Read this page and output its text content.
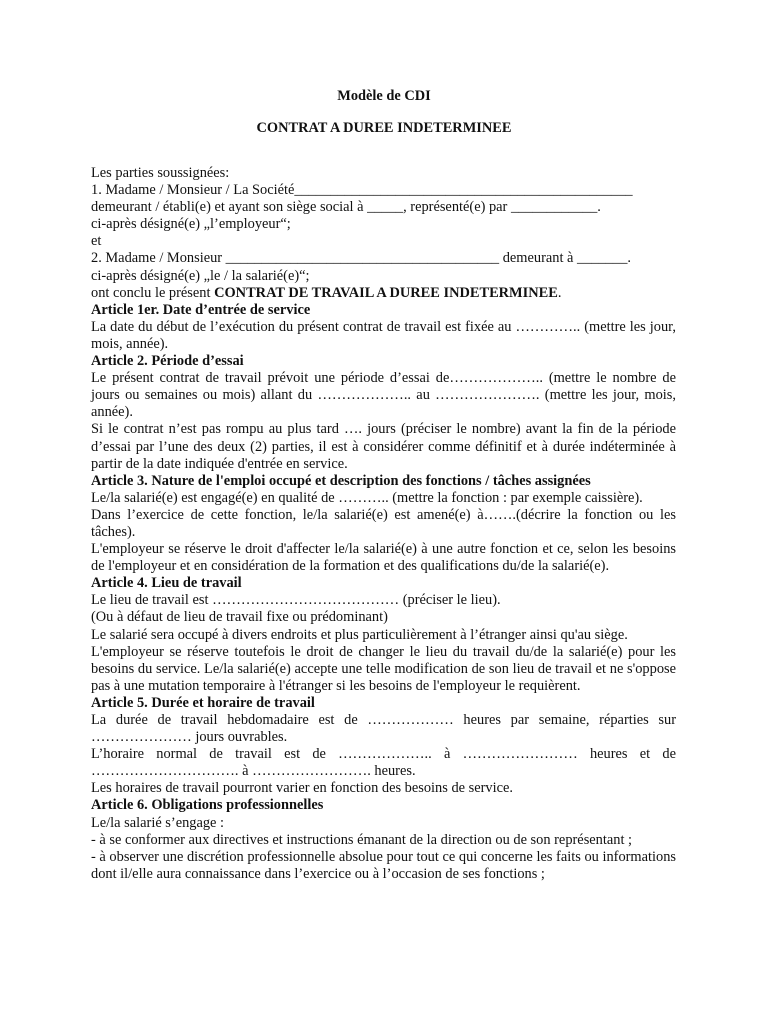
Modèle de CDI
CONTRAT A DUREE INDETERMINEE

Les parties soussignées:

1. Madame / Monsieur / La Société_______________________________________________

demeurant / établi(e) et ayant son siège social à _____, représenté(e) par ____________.

ci-après désigné(e) „l’employeur“;

et

2. Madame / Monsieur ______________________________________ demeurant à _______.

ci-après désigné(e) „le / la salarié(e)“;

ont conclu le présent CONTRAT DE TRAVAIL A DUREE INDETERMINEE.

Article 1er. Date d’entrée de service

La date du début de l’exécution du présent contrat de travail est fixée au ………….. (mettre les jour, mois, année).

Article 2. Période d’essai

Le présent contrat de travail prévoit une période d’essai de……………….. (mettre le nombre de jours ou semaines ou mois) allant du ……………….. au …………………. (mettre les jour, mois, année).

Si le contrat n’est pas rompu au plus tard …. jours (préciser le nombre) avant la fin de la période d’essai par l’une des deux (2) parties, il est à considérer comme définitif et à durée indéterminée à partir de la date indiquée d'entrée en service.

Article 3. Nature de l'emploi occupé et description des fonctions / tâches assignées

Le/la salarié(e) est engagé(e) en qualité de ……….. (mettre la fonction : par exemple caissière).

Dans l’exercice de cette fonction, le/la salarié(e) est amené(e) à…….(décrire la fonction ou les tâches).

L'employeur se réserve le droit d'affecter le/la salarié(e) à une autre fonction et ce, selon les besoins de l'employeur et en considération de la formation et des qualifications du/de la salarié(e).

Article 4. Lieu de travail

Le lieu de travail est ………………………………… (préciser le lieu).

(Ou à défaut de lieu de travail fixe ou prédominant)

Le salarié sera occupé à divers endroits et plus particulièrement à l’étranger ainsi qu'au siège.

L'employeur se réserve toutefois le droit de changer le lieu du travail du/de la salarié(e) pour les besoins du service. Le/la salarié(e) accepte une telle modification de son lieu de travail et ne s'oppose pas à une mutation temporaire à l'étranger si les besoins de l'employeur le requièrent.

Article 5. Durée et horaire de travail

La durée de travail hebdomadaire est de ……………… heures par semaine, réparties sur ………………… jours ouvrables.

L’horaire normal de travail est de ……………….. à …………………… heures et de …………………………. à ……………………. heures.

Les horaires de travail pourront varier en fonction des besoins de service.

Article 6. Obligations professionnelles

Le/la salarié s’engage :

- à se conformer aux directives et instructions émanant de la direction ou de son représentant ;

- à observer une discrétion professionnelle absolue pour tout ce qui concerne les faits ou informations dont il/elle aura connaissance dans l’exercice ou à l’occasion de ses fonctions ;
